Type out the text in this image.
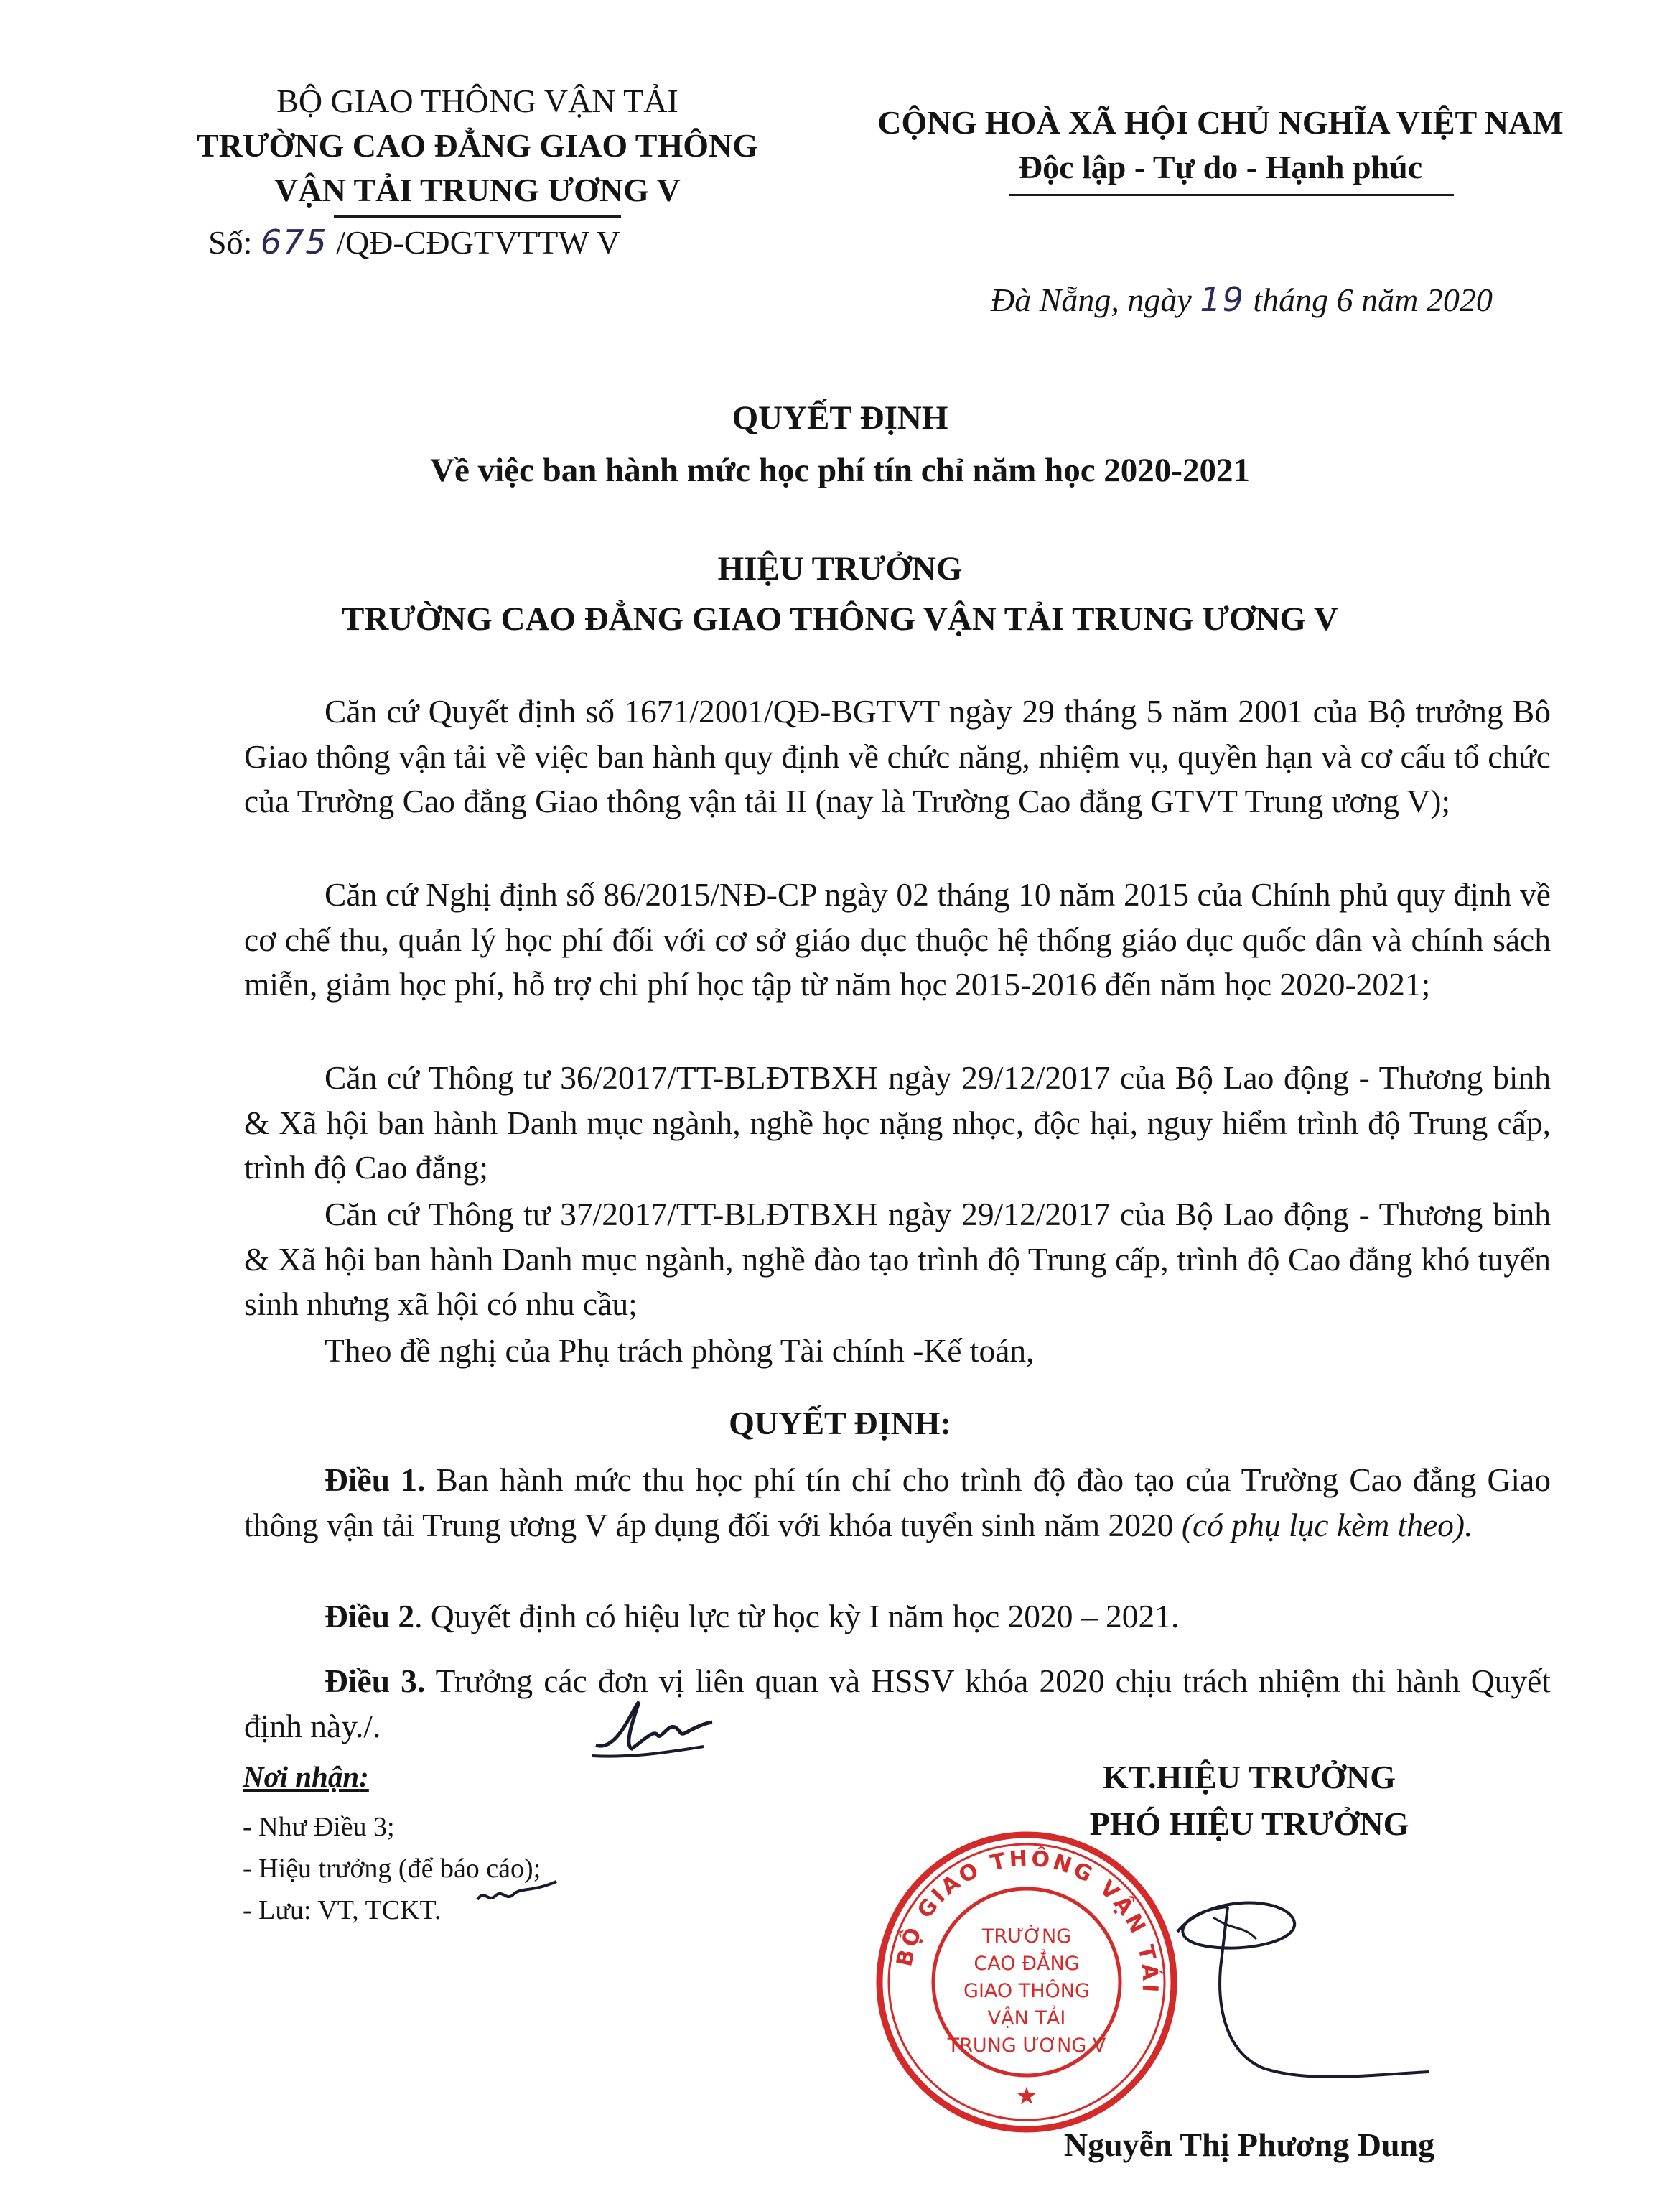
BỘ GIAO THÔNG VẬN TẢI
TRƯỜNG CAO ĐẲNG GIAO THÔNG
VẬN TẢI TRUNG ƯƠNG V
Số: 675 /QĐ-CĐGTVTTW V
CỘNG HOÀ XÃ HỘI CHỦ NGHĨA VIỆT NAM
Độc lập - Tự do - Hạnh phúc
Đà Nẵng, ngày 19 tháng 6 năm 2020
QUYẾT ĐỊNH
Về việc ban hành mức học phí tín chỉ năm học 2020-2021
HIỆU TRƯỞNG
TRƯỜNG CAO ĐẲNG GIAO THÔNG VẬN TẢI TRUNG ƯƠNG V

Căn cứ Quyết định số 1671/2001/QĐ-BGTVT ngày 29 tháng 5 năm 2001 của Bộ trưởng Bô Giao thông vận tải về việc ban hành quy định về chức năng, nhiệm vụ, quyền hạn và cơ cấu tổ chức của Trường Cao đẳng Giao thông vận tải II (nay là Trường Cao đẳng GTVT Trung ương V);

Căn cứ Nghị định số 86/2015/NĐ-CP ngày 02 tháng 10 năm 2015 của Chính phủ quy định về cơ chế thu, quản lý học phí đối với cơ sở giáo dục thuộc hệ thống giáo dục quốc dân và chính sách miễn, giảm học phí, hỗ trợ chi phí học tập từ năm học 2015-2016 đến năm học 2020-2021;

Căn cứ Thông tư 36/2017/TT-BLĐTBXH ngày 29/12/2017 của Bộ Lao động - Thương binh & Xã hội ban hành Danh mục ngành, nghề học nặng nhọc, độc hại, nguy hiểm trình độ Trung cấp, trình độ Cao đẳng;

Căn cứ Thông tư 37/2017/TT-BLĐTBXH ngày 29/12/2017 của Bộ Lao động - Thương binh & Xã hội ban hành Danh mục ngành, nghề đào tạo trình độ Trung cấp, trình độ Cao đẳng khó tuyển sinh nhưng xã hội có nhu cầu;

Theo đề nghị của Phụ trách phòng Tài chính -Kế toán,

QUYẾT ĐỊNH:

Điều 1. Ban hành mức thu học phí tín chỉ cho trình độ đào tạo của Trường Cao đẳng Giao thông vận tải Trung ương V áp dụng đối với khóa tuyển sinh năm 2020 (có phụ lục kèm theo).

Điều 2. Quyết định có hiệu lực từ học kỳ I năm học 2020 – 2021.

Điều 3. Trưởng các đơn vị liên quan và HSSV khóa 2020 chịu trách nhiệm thi hành Quyết định này./.

Nơi nhận:
- Như Điều 3;
- Hiệu trưởng (để báo cáo);
- Lưu: VT, TCKT.
KT.HIỆU TRƯỞNG
PHÓ HIỆU TRƯỞNG
BỘ GIAO THÔNG VẬN TẢI
TRƯỜNG
CAO ĐẲNG
GIAO THÔNG
VẬN TẢI
TRUNG ƯƠNG V
★
Nguyễn Thị Phương Dung
